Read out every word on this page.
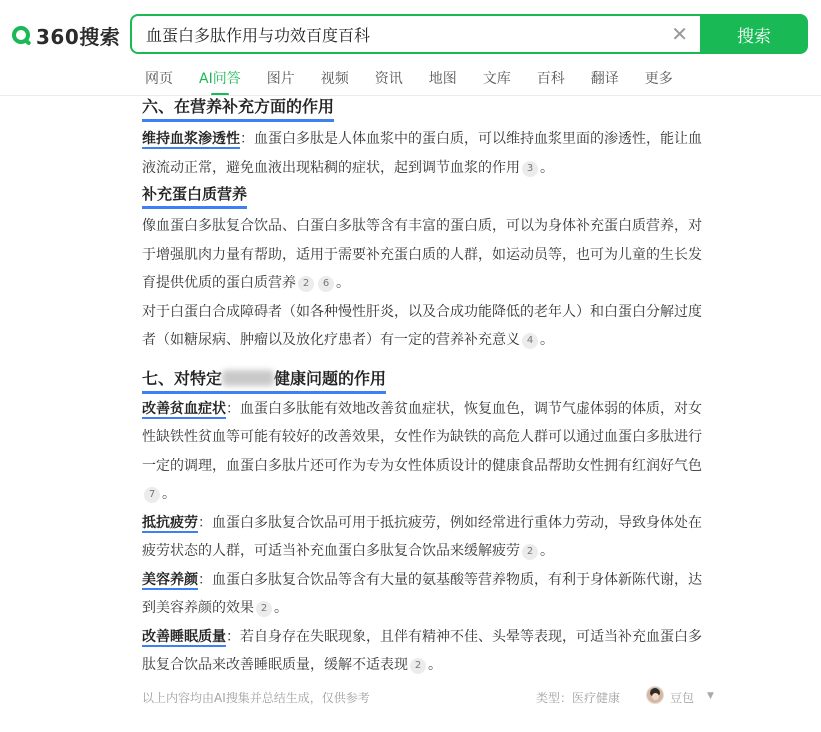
360搜索
血蛋白多肽作用与功效百度百科	✕	搜索
网页 AI问答 图片 视频 资讯 地图 文库 百科 翻译 更多
六、在营养补充方面的作用

维持血浆渗透性：血蛋白多肽是人体血浆中的蛋白质，可以维持血浆里面的渗透性，能让血液流动正常，避免血液出现粘稠的症状，起到调节血浆的作用 3 。

补充蛋白质营养

像血蛋白多肽复合饮品、白蛋白多肽等含有丰富的蛋白质，可以为身体补充蛋白质营养，对于增强肌肉力量有帮助，适用于需要补充蛋白质的人群，如运动员等，也可为儿童的生长发育提供优质的蛋白质营养 2 6 。

对于白蛋白合成障碍者（如各种慢性肝炎，以及合成功能降低的老年人）和白蛋白分解过度者（如糖尿病、肿瘤以及放化疗患者）有一定的营养补充意义 4 。

七、对特定	健康问题的作用

改善贫血症状：血蛋白多肽能有效地改善贫血症状，恢复血色，调节气虚体弱的体质，对女性缺铁性贫血等可能有较好的改善效果，女性作为缺铁的高危人群可以通过血蛋白多肽进行一定的调理，血蛋白多肽片还可作为专为女性体质设计的健康食品帮助女性拥有红润好气色7 。

抵抗疲劳：血蛋白多肽复合饮品可用于抵抗疲劳，例如经常进行重体力劳动，导致身体处在疲劳状态的人群，可适当补充血蛋白多肽复合饮品来缓解疲劳 2 。

美容养颜：血蛋白多肽复合饮品等含有大量的氨基酸等营养物质，有利于身体新陈代谢，达到美容养颜的效果 2 。

改善睡眠质量：若自身存在失眠现象，且伴有精神不佳、头晕等表现，可适当补充血蛋白多肽复合饮品来改善睡眠质量，缓解不适表现 2 。

以上内容均由AI搜集并总结生成，仅供参考	类型：医疗健康	豆包 ▼
